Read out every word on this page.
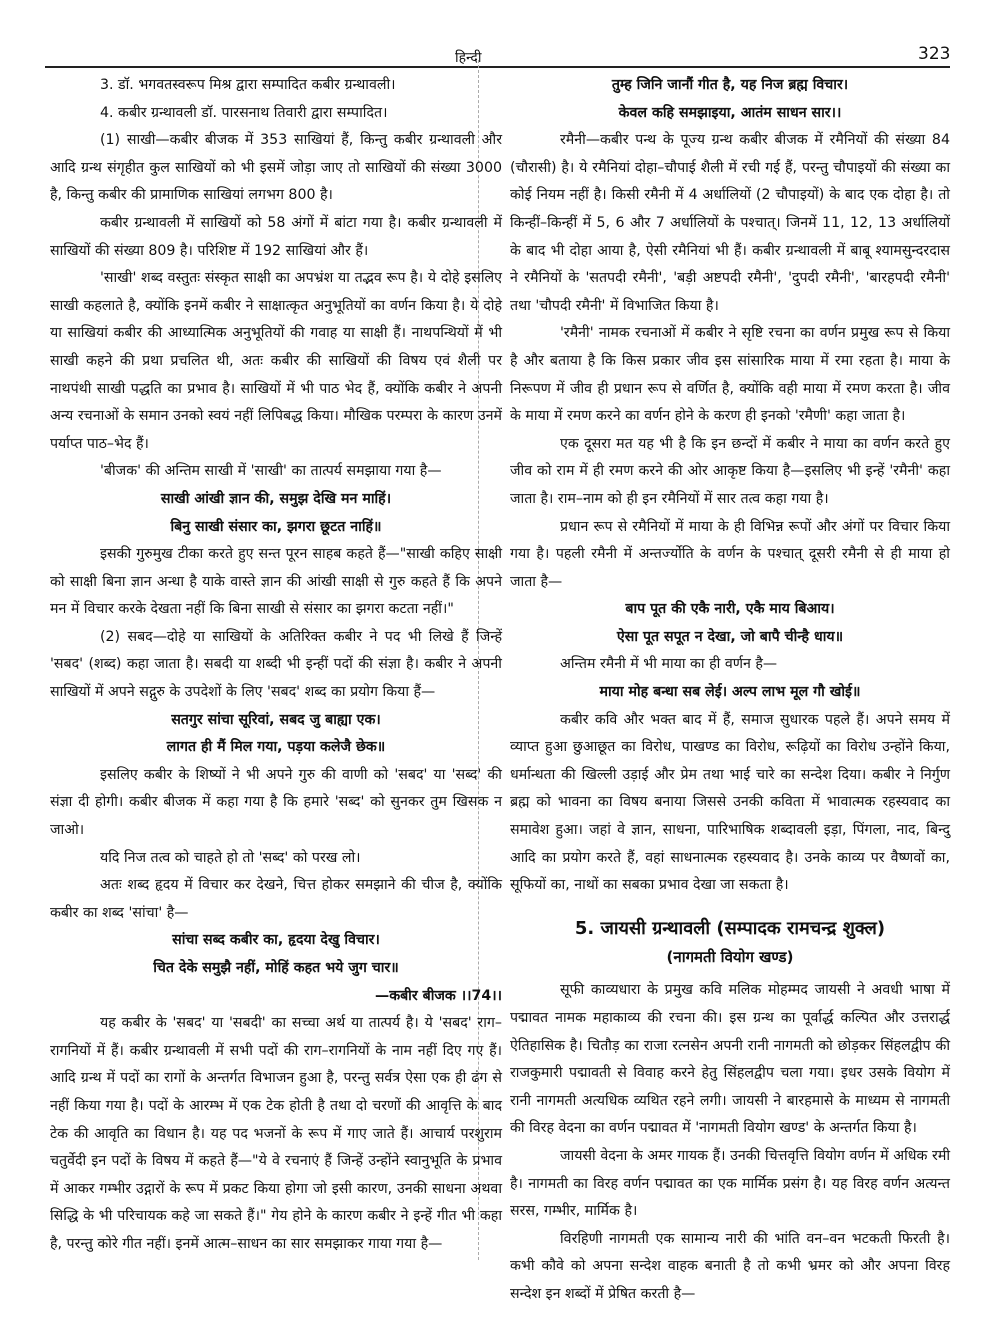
हिन्दी	323

3. डॉ. भगवतस्वरूप मिश्र द्वारा सम्पादित कबीर ग्रन्थावली।

4. कबीर ग्रन्थावली डॉ. पारसनाथ तिवारी द्वारा सम्पादित।

(1) साखी—कबीर बीजक में 353 साखियां हैं, किन्तु कबीर ग्रन्थावली और आदि ग्रन्थ संगृहीत कुल साखियों को भी इसमें जोड़ा जाए तो साखियों की संख्या 3000 है, किन्तु कबीर की प्रामाणिक साखियां लगभग 800 है।

कबीर ग्रन्थावली में साखियों को 58 अंगों में बांटा गया है। कबीर ग्रन्थावली में साखियों की संख्या 809 है। परिशिष्ट में 192 साखियां और हैं।

'साखी' शब्द वस्तुतः संस्कृत साक्षी का अपभ्रंश या तद्भव रूप है। ये दोहे इसलिए साखी कहलाते है, क्योंकि इनमें कबीर ने साक्षात्कृत अनुभूतियों का वर्णन किया है। ये दोहे या साखियां कबीर की आध्यात्मिक अनुभूतियों की गवाह या साक्षी हैं। नाथपन्थियों में भी साखी कहने की प्रथा प्रचलित थी, अतः कबीर की साखियों की विषय एवं शैली पर नाथपंथी साखी पद्धति का प्रभाव है। साखियों में भी पाठ भेद हैं, क्योंकि कबीर ने अपनी अन्य रचनाओं के समान उनको स्वयं नहीं लिपिबद्ध किया। मौखिक परम्परा के कारण उनमें पर्याप्त पाठ–भेद हैं।

'बीजक' की अन्तिम साखी में 'साखी' का तात्पर्य समझाया गया है—

साखी आंखी ज्ञान की, समुझ देखि मन माहिं।

बिनु साखी संसार का, झगरा छूटत नाहिं॥

इसकी गुरुमुख टीका करते हुए सन्त पूरन साहब कहते हैं—"साखी कहिए साक्षी को साक्षी बिना ज्ञान अन्धा है याके वास्ते ज्ञान की आंखी साक्षी से गुरु कहते हैं कि अपने मन में विचार करके देखता नहीं कि बिना साखी से संसार का झगरा कटता नहीं।"

(2) सबद—दोहे या साखियों के अतिरिक्त कबीर ने पद भी लिखे हैं जिन्हें 'सबद' (शब्द) कहा जाता है। सबदी या शब्दी भी इन्हीं पदों की संज्ञा है। कबीर ने अपनी साखियों में अपने सद्गुरु के उपदेशों के लिए 'सबद' शब्द का प्रयोग किया हैं—

सतगुर सांचा सूरिवां, सबद जु बाह्या एक।

लागत ही मैं मिल गया, पड़या कलेजै छेक॥

इसलिए कबीर के शिष्यों ने भी अपने गुरु की वाणी को 'सबद' या 'सब्द' की संज्ञा दी होगी। कबीर बीजक में कहा गया है कि हमारे 'सब्द' को सुनकर तुम खिसक न जाओ।

यदि निज तत्व को चाहते हो तो 'सब्द' को परख लो।

अतः शब्द हृदय में विचार कर देखने, चित्त होकर समझाने की चीज है, क्योंकि कबीर का शब्द 'सांचा' है—

सांचा सब्द कबीर का, हृदया देखु विचार।

चित देके समुझै नहीं, मोहिं कहत भये जुग चार॥

—कबीर बीजक ।।74।।

यह कबीर के 'सबद' या 'सबदी' का सच्चा अर्थ या तात्पर्य है। ये 'सबद' राग–रागनियों में हैं। कबीर ग्रन्थावली में सभी पदों की राग–रागनियों के नाम नहीं दिए गए हैं। आदि ग्रन्थ में पदों का रागों के अन्तर्गत विभाजन हुआ है, परन्तु सर्वत्र ऐसा एक ही ढंग से नहीं किया गया है। पदों के आरम्भ में एक टेक होती है तथा दो चरणों की आवृत्ति के बाद टेक की आवृति का विधान है। यह पद भजनों के रूप में गाए जाते हैं। आचार्य परशुराम चतुर्वेदी इन पदों के विषय में कहते हैं—"ये वे रचनाएं हैं जिन्हें उन्होंने स्वानुभूति के प्रभाव में आकर गम्भीर उद्गारों के रूप में प्रकट किया होगा जो इसी कारण, उनकी साधना अथवा सिद्धि के भी परिचायक कहे जा सकते हैं।" गेय होने के कारण कबीर ने इन्हें गीत भी कहा है, परन्तु कोरे गीत नहीं। इनमें आत्म–साधन का सार समझाकर गाया गया है—

तुम्ह जिनि जानौं गीत है, यह निज ब्रह्म विचार।

केवल कहि समझाइया, आतंम साधन सार।।

रमैनी—कबीर पन्थ के पूज्य ग्रन्थ कबीर बीजक में रमैनियों की संख्या 84 (चौरासी) है। ये रमैनियां दोहा–चौपाई शैली में रची गई हैं, परन्तु चौपाइयों की संख्या का कोई नियम नहीं है। किसी रमैनी में 4 अर्धालियों (2 चौपाइयों) के बाद एक दोहा है। तो किन्हीं–किन्हीं में 5, 6 और 7 अर्धालियों के पश्चात्। जिनमें 11, 12, 13 अर्धालियों के बाद भी दोहा आया है, ऐसी रमैनियां भी हैं। कबीर ग्रन्थावली में बाबू श्यामसुन्दरदास ने रमैनियों के 'सतपदी रमैनी', 'बड़ी अष्टपदी रमैनी', 'दुपदी रमैनी', 'बारहपदी रमैनी' तथा 'चौपदी रमैनी' में विभाजित किया है।

'रमैनी' नामक रचनाओं में कबीर ने सृष्टि रचना का वर्णन प्रमुख रूप से किया है और बताया है कि किस प्रकार जीव इस सांसारिक माया में रमा रहता है। माया के निरूपण में जीव ही प्रधान रूप से वर्णित है, क्योंकि वही माया में रमण करता है। जीव के माया में रमण करने का वर्णन होने के करण ही इनको 'रमैणी' कहा जाता है।

एक दूसरा मत यह भी है कि इन छन्दों में कबीर ने माया का वर्णन करते हुए जीव को राम में ही रमण करने की ओर आकृष्ट किया है—इसलिए भी इन्हें 'रमैनी' कहा जाता है। राम–नाम को ही इन रमैनियों में सार तत्व कहा गया है।

प्रधान रूप से रमैनियों में माया के ही विभिन्न रूपों और अंगों पर विचार किया गया है। पहली रमैनी में अन्तर्ज्योति के वर्णन के पश्चात् दूसरी रमैनी से ही माया हो जाता है—

बाप पूत की एकै नारी, एकै माय बिआय।

ऐसा पूत सपूत न देखा, जो बापै चीन्है धाय॥

अन्तिम रमैनी में भी माया का ही वर्णन है—

माया मोह बन्धा सब लेई। अल्प लाभ मूल गौ खोई॥

कबीर कवि और भक्त बाद में हैं, समाज सुधारक पहले हैं। अपने समय में व्याप्त हुआ छुआछूत का विरोध, पाखण्ड का विरोध, रूढ़ियों का विरोध उन्होंने किया, धर्मान्धता की खिल्ली उड़ाई और प्रेम तथा भाई चारे का सन्देश दिया। कबीर ने निर्गुण ब्रह्म को भावना का विषय बनाया जिससे उनकी कविता में भावात्मक रहस्यवाद का समावेश हुआ। जहां वे ज्ञान, साधना, पारिभाषिक शब्दावली इड़ा, पिंगला, नाद, बिन्दु आदि का प्रयोग करते हैं, वहां साधनात्मक रहस्यवाद है। उनके काव्य पर वैष्णवों का, सूफियों का, नाथों का सबका प्रभाव देखा जा सकता है।

5. जायसी ग्रन्थावली (सम्पादक रामचन्द्र शुक्ल)

(नागमती वियोग खण्ड)

सूफी काव्यधारा के प्रमुख कवि मलिक मोहम्मद जायसी ने अवधी भाषा में पद्मावत नामक महाकाव्य की रचना की। इस ग्रन्थ का पूर्वार्द्ध कल्पित और उत्तरार्द्ध ऐतिहासिक है। चितौड़ का राजा रत्नसेन अपनी रानी नागमती को छोड़कर सिंहलद्वीप की राजकुमारी पद्मावती से विवाह करने हेतु सिंहलद्वीप चला गया। इधर उसके वियोग में रानी नागमती अत्यधिक व्यथित रहने लगी। जायसी ने बारहमासे के माध्यम से नागमती की विरह वेदना का वर्णन पद्मावत में 'नागमती वियोग खण्ड' के अन्तर्गत किया है।

जायसी वेदना के अमर गायक हैं। उनकी चित्तवृत्ति वियोग वर्णन में अधिक रमी है। नागमती का विरह वर्णन पद्मावत का एक मार्मिक प्रसंग है। यह विरह वर्णन अत्यन्त सरस, गम्भीर, मार्मिक है।

विरहिणी नागमती एक सामान्य नारी की भांति वन–वन भटकती फिरती है। कभी कौवे को अपना सन्देश वाहक बनाती है तो कभी भ्रमर को और अपना विरह सन्देश इन शब्दों में प्रेषित करती है—
